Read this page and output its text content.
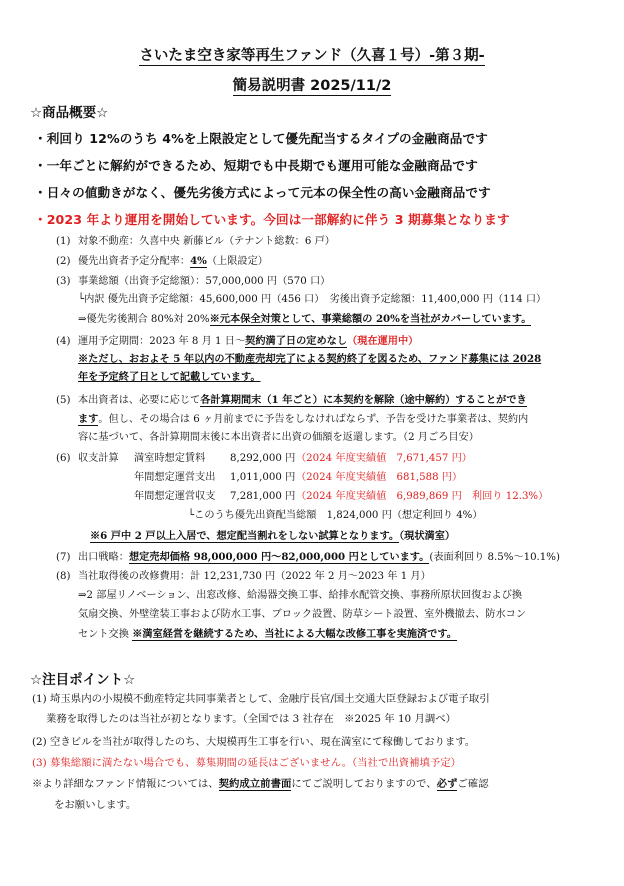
さいたま空き家等再生ファンド（久喜１号）-第３期-
簡易説明書 2025/11/2
☆商品概要☆
・利回り 12%のうち 4%を上限設定として優先配当するタイプの金融商品です
・一年ごとに解約ができるため、短期でも中長期でも運用可能な金融商品です
・日々の値動きがなく、優先劣後方式によって元本の保全性の高い金融商品です
・2023 年より運用を開始しています。今回は一部解約に伴う 3 期募集となります
(1) 対象不動産：久喜中央 新藤ビル（テナント総数：6 戸）
(2) 優先出資者予定分配率：4%（上限設定）
(3) 事業総額（出資予定総額）：57,000,000 円（570 口）
└内訳 優先出資予定総額：45,600,000 円（456 口）　劣後出資予定総額：11,400,000 円（114 口）
⇒優先劣後割合 80%対 20%※元本保全対策として、事業総額の 20%を当社がカバーしています。
(4) 運用予定期間：2023 年 8 月 1 日～契約満了日の定めなし（現在運用中）
※ただし、おおよそ 5 年以内の不動産売却完了による契約終了を図るため、ファンド募集には 2028
年を予定終了日として記載しています。
(5) 本出資者は、必要に応じて各計算期間末（1 年ごと）に本契約を解除（途中解約）することができ
ます。但し、その場合は 6 ヶ月前までに予告をしなければならず、予告を受けた事業者は、契約内
容に基づいて、各計算期間末後に本出資者に出資の価額を返還します。（2 月ごろ目安）
(6) 収支計算 満室時想定賃料 8,292,000 円（2024 年度実績値　7,671,457 円）
年間想定運営支出 1,011,000 円（2024 年度実績値　681,588 円）
年間想定運営収支 7,281,000 円（2024 年度実績値　6,989,869 円　利回り 12.3%）
└このうち優先出資配当総額　1,824,000 円（想定利回り 4%）
※6 戸中 2 戸以上入居で、想定配当割れをしない試算となります。（現状満室）
(7) 出口戦略：想定売却価格 98,000,000 円～82,000,000 円としています。(表面利回り 8.5%～10.1%)
(8) 当社取得後の改修費用：計 12,231,730 円（2022 年 2 月～2023 年 1 月）
⇒2 部屋リノベーション、出窓改修、給湯器交換工事、給排水配管交換、事務所原状回復および換
気扇交換、外壁塗装工事および防水工事、ブロック設置、防草シート設置、室外機撤去、防水コン
セント交換 ※満室経営を継続するため、当社による大幅な改修工事を実施済です。
☆注目ポイント☆
(1) 埼玉県内の小規模不動産特定共同事業者として、金融庁長官/国土交通大臣登録および電子取引
業務を取得したのは当社が初となります。（全国では 3 社存在　※2025 年 10 月調べ）
(2) 空きビルを当社が取得したのち、大規模再生工事を行い、現在満室にて稼働しております。
(3) 募集総額に満たない場合でも、募集期間の延長はございません。（当社で出資補填予定）
※より詳細なファンド情報については、契約成立前書面にてご説明しておりますので、必ずご確認
をお願いします。
